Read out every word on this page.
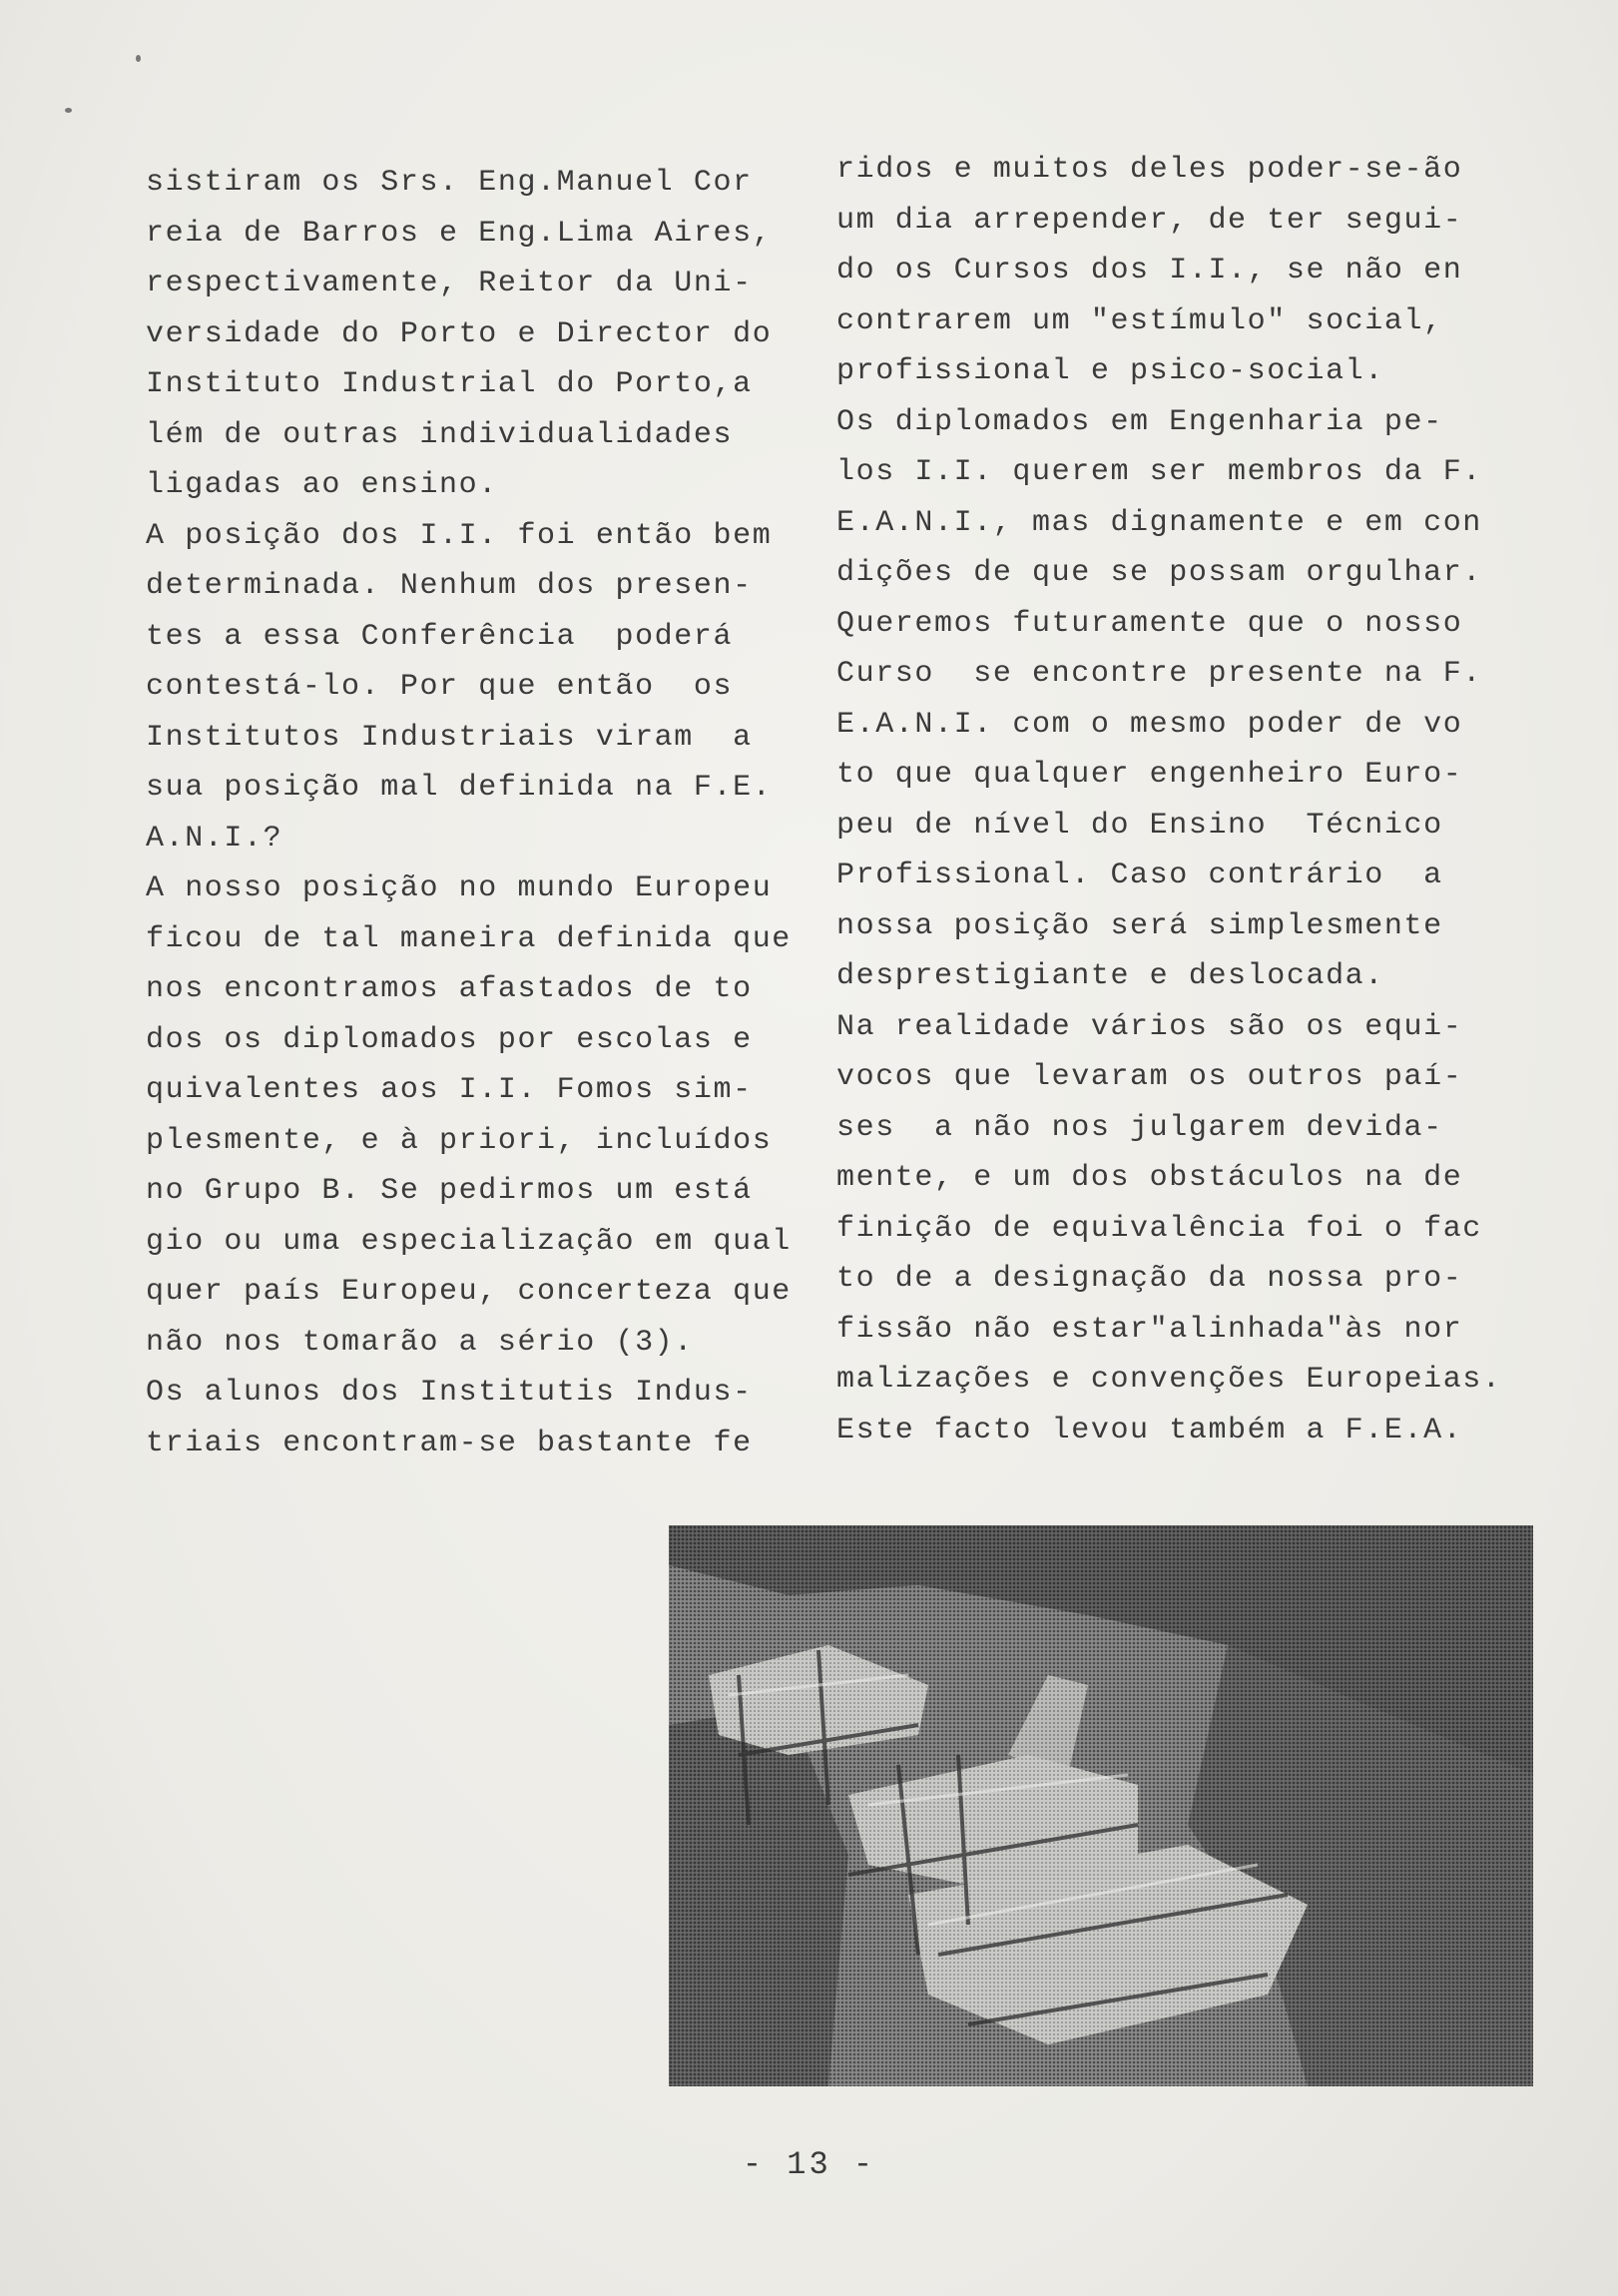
sistiram os Srs. Eng.Manuel Cor
reia de Barros e Eng.Lima Aires,
respectivamente, Reitor da Uni-
versidade do Porto e Director do
Instituto Industrial do Porto,a
lém de outras individualidades
ligadas ao ensino.
A posição dos I.I. foi então bem
determinada. Nenhum dos presen-
tes a essa Conferência  poderá
contestá-lo. Por que então  os
Institutos Industriais viram  a
sua posição mal definida na F.E.
A.N.I.?
A nosso posição no mundo Europeu
ficou de tal maneira definida que
nos encontramos afastados de to
dos os diplomados por escolas e
quivalentes aos I.I. Fomos sim-
plesmente, e à priori, incluídos
no Grupo B. Se pedirmos um está
gio ou uma especialização em qual
quer país Europeu, concerteza que
não nos tomarão a sério (3).
Os alunos dos Institutis Indus-
triais encontram-se bastante fe
ridos e muitos deles poder-se-ão
um dia arrepender, de ter segui-
do os Cursos dos I.I., se não en
contrarem um "estímulo" social,
profissional e psico-social.
Os diplomados em Engenharia pe-
los I.I. querem ser membros da F.
E.A.N.I., mas dignamente e em con
dições de que se possam orgulhar.
Queremos futuramente que o nosso
Curso  se encontre presente na F.
E.A.N.I. com o mesmo poder de vo
to que qualquer engenheiro Euro-
peu de nível do Ensino  Técnico
Profissional. Caso contrário  a
nossa posição será simplesmente
desprestigiante e deslocada.
Na realidade vários são os equi-
vocos que levaram os outros paí-
ses  a não nos julgarem devida-
mente, e um dos obstáculos na de
finição de equivalência foi o fac
to de a designação da nossa pro-
fissão não estar"alinhada"às nor
malizações e convenções Europeias.
Este facto levou também a F.E.A.
- 13 -
